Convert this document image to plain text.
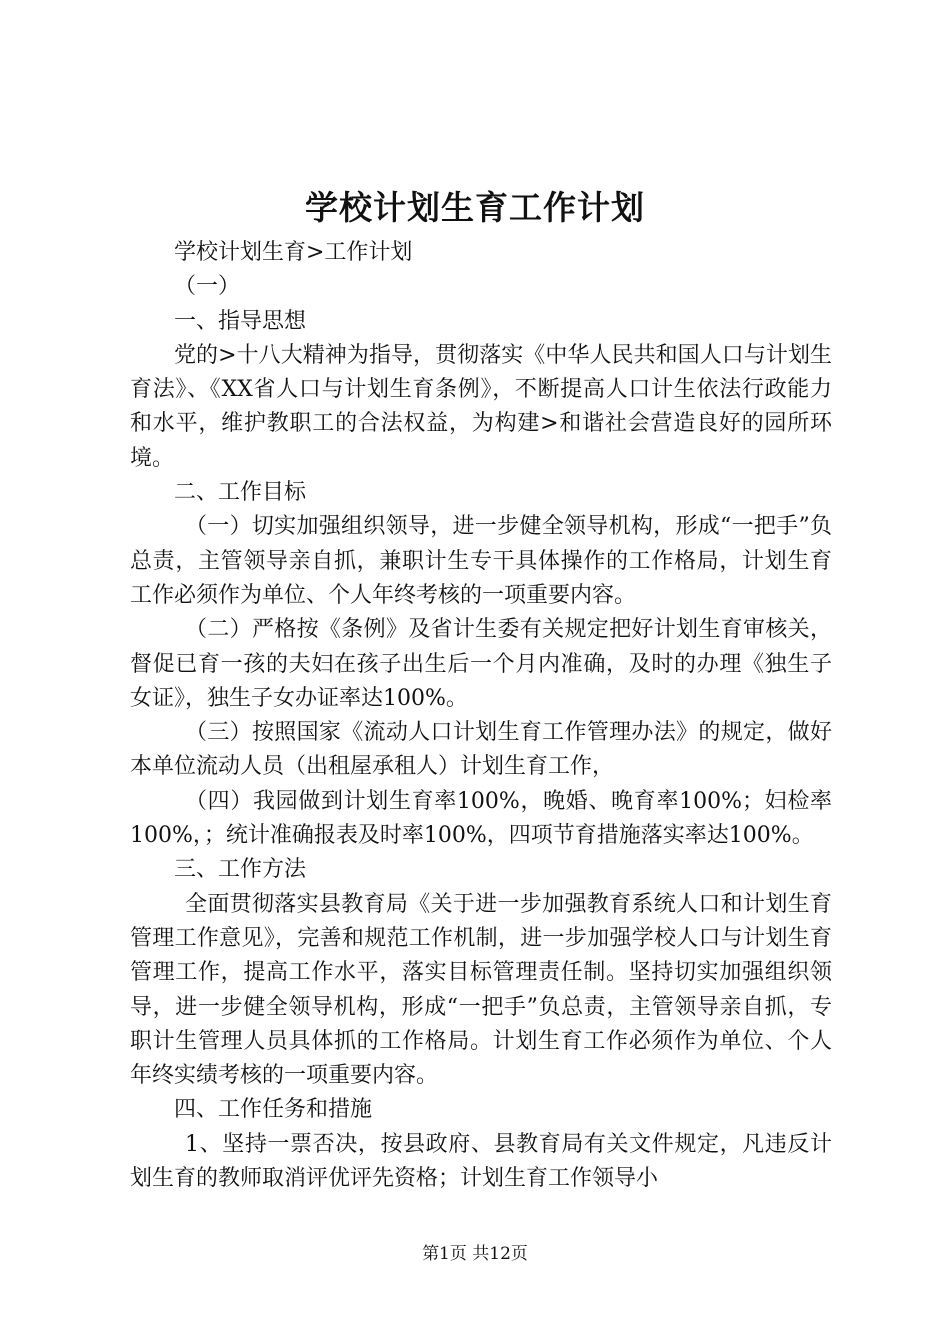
学校计划生育工作计划

学校计划生育>工作计划

（一）

一、指导思想

党的>十八大精神为指导，贯彻落实《中华人民共和国人口与计划生育法》、《XX省人口与计划生育条例》，不断提高人口计生依法行政能力和水平，维护教职工的合法权益，为构建>和谐社会营造良好的园所环境。

二、工作目标

（一）切实加强组织领导，进一步健全领导机构，形成“一把手”负总责，主管领导亲自抓，兼职计生专干具体操作的工作格局，计划生育工作必须作为单位、个人年终考核的一项重要内容。

（二）严格按《条例》及省计生委有关规定把好计划生育审核关，督促已育一孩的夫妇在孩子出生后一个月内准确，及时的办理《独生子女证》，独生子女办证率达100%。

（三）按照国家《流动人口计划生育工作管理办法》的规定，做好本单位流动人员（出租屋承租人）计划生育工作，

（四）我园做到计划生育率100%，晚婚、晚育率100%；妇检率100%，；统计准确报表及时率100%，四项节育措施落实率达100%。

三、工作方法

全面贯彻落实县教育局《关于进一步加强教育系统人口和计划生育管理工作意见》，完善和规范工作机制，进一步加强学校人口与计划生育管理工作，提高工作水平，落实目标管理责任制。坚持切实加强组织领导，进一步健全领导机构，形成“一把手”负总责，主管领导亲自抓，专职计生管理人员具体抓的工作格局。计划生育工作必须作为单位、个人年终实绩考核的一项重要内容。

四、工作任务和措施

1、坚持一票否决，按县政府、县教育局有关文件规定，凡违反计划生育的教师取消评优评先资格；计划生育工作领导小

第1页 共12页
